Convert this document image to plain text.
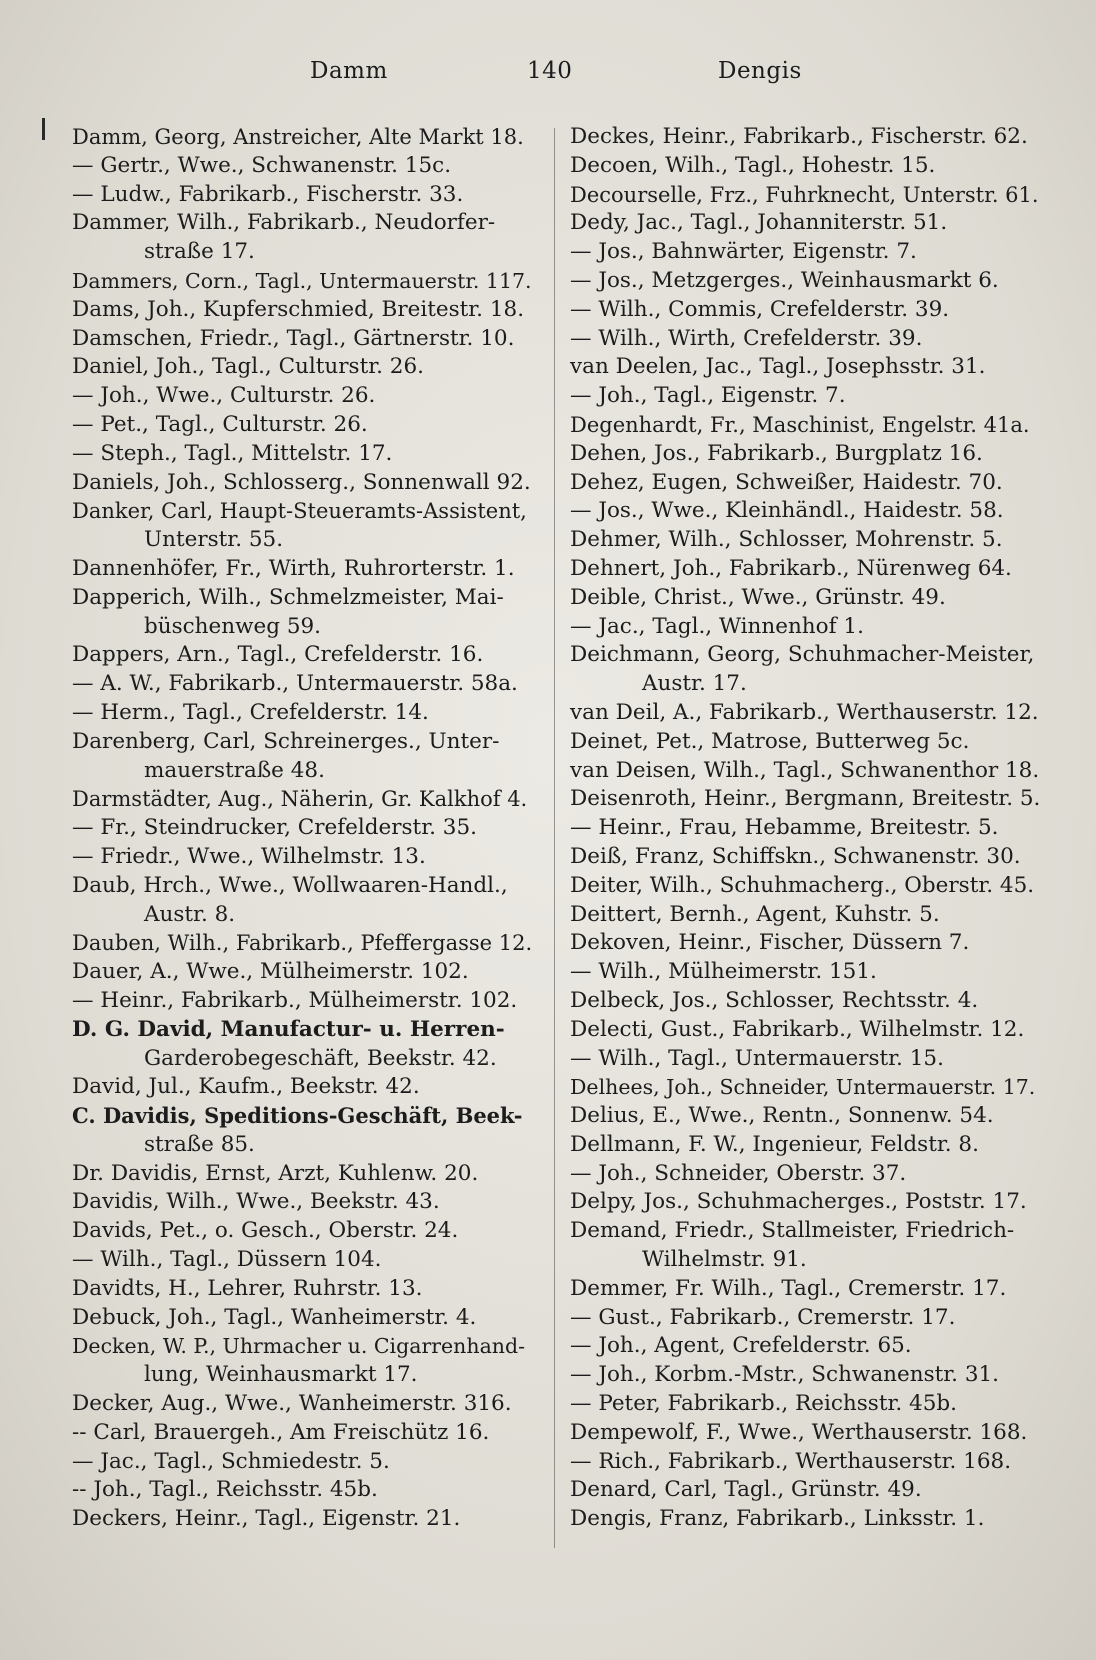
Damm	140	Dengis
Damm, Georg, Anstreicher, Alte Markt 18.
— Gertr., Wwe., Schwanenstr. 15c.
— Ludw., Fabrikarb., Fischerstr. 33.
Dammer, Wilh., Fabrikarb., Neudorfer-
straße 17.
Dammers, Corn., Tagl., Untermauerstr. 117.
Dams, Joh., Kupferschmied, Breitestr. 18.
Damschen, Friedr., Tagl., Gärtnerstr. 10.
Daniel, Joh., Tagl., Culturstr. 26.
— Joh., Wwe., Culturstr. 26.
— Pet., Tagl., Culturstr. 26.
— Steph., Tagl., Mittelstr. 17.
Daniels, Joh., Schlosserg., Sonnenwall 92.
Danker, Carl, Haupt-Steueramts-Assistent,
Unterstr. 55.
Dannenhöfer, Fr., Wirth, Ruhrorterstr. 1.
Dapperich, Wilh., Schmelzmeister, Mai-
büschenweg 59.
Dappers, Arn., Tagl., Crefelderstr. 16.
— A. W., Fabrikarb., Untermauerstr. 58a.
— Herm., Tagl., Crefelderstr. 14.
Darenberg, Carl, Schreinerges., Unter-
mauerstraße 48.
Darmstädter, Aug., Näherin, Gr. Kalkhof 4.
— Fr., Steindrucker, Crefelderstr. 35.
— Friedr., Wwe., Wilhelmstr. 13.
Daub, Hrch., Wwe., Wollwaaren-Handl.,
Austr. 8.
Dauben, Wilh., Fabrikarb., Pfeffergasse 12.
Dauer, A., Wwe., Mülheimerstr. 102.
— Heinr., Fabrikarb., Mülheimerstr. 102.
D. G. David, Manufactur- u. Herren-
Garderobegeschäft, Beekstr. 42.
David, Jul., Kaufm., Beekstr. 42.
C. Davidis, Speditions-Geschäft, Beek-
straße 85.
Dr. Davidis, Ernst, Arzt, Kuhlenw. 20.
Davidis, Wilh., Wwe., Beekstr. 43.
Davids, Pet., o. Gesch., Oberstr. 24.
— Wilh., Tagl., Düssern 104.
Davidts, H., Lehrer, Ruhrstr. 13.
Debuck, Joh., Tagl., Wanheimerstr. 4.
Decken, W. P., Uhrmacher u. Cigarrenhand-
lung, Weinhausmarkt 17.
Decker, Aug., Wwe., Wanheimerstr. 316.
-- Carl, Brauergeh., Am Freischütz 16.
— Jac., Tagl., Schmiedestr. 5.
-- Joh., Tagl., Reichsstr. 45b.
Deckers, Heinr., Tagl., Eigenstr. 21.
Deckes, Heinr., Fabrikarb., Fischerstr. 62.
Decoen, Wilh., Tagl., Hohestr. 15.
Decourselle, Frz., Fuhrknecht, Unterstr. 61.
Dedy, Jac., Tagl., Johanniterstr. 51.
— Jos., Bahnwärter, Eigenstr. 7.
— Jos., Metzgerges., Weinhausmarkt 6.
— Wilh., Commis, Crefelderstr. 39.
— Wilh., Wirth, Crefelderstr. 39.
van Deelen, Jac., Tagl., Josephsstr. 31.
— Joh., Tagl., Eigenstr. 7.
Degenhardt, Fr., Maschinist, Engelstr. 41a.
Dehen, Jos., Fabrikarb., Burgplatz 16.
Dehez, Eugen, Schweißer, Haidestr. 70.
— Jos., Wwe., Kleinhändl., Haidestr. 58.
Dehmer, Wilh., Schlosser, Mohrenstr. 5.
Dehnert, Joh., Fabrikarb., Nürenweg 64.
Deible, Christ., Wwe., Grünstr. 49.
— Jac., Tagl., Winnenhof 1.
Deichmann, Georg, Schuhmacher-Meister,
Austr. 17.
van Deil, A., Fabrikarb., Werthauserstr. 12.
Deinet, Pet., Matrose, Butterweg 5c.
van Deisen, Wilh., Tagl., Schwanenthor 18.
Deisenroth, Heinr., Bergmann, Breitestr. 5.
— Heinr., Frau, Hebamme, Breitestr. 5.
Deiß, Franz, Schiffskn., Schwanenstr. 30.
Deiter, Wilh., Schuhmacherg., Oberstr. 45.
Deittert, Bernh., Agent, Kuhstr. 5.
Dekoven, Heinr., Fischer, Düssern 7.
— Wilh., Mülheimerstr. 151.
Delbeck, Jos., Schlosser, Rechtsstr. 4.
Delecti, Gust., Fabrikarb., Wilhelmstr. 12.
— Wilh., Tagl., Untermauerstr. 15.
Delhees, Joh., Schneider, Untermauerstr. 17.
Delius, E., Wwe., Rentn., Sonnenw. 54.
Dellmann, F. W., Ingenieur, Feldstr. 8.
— Joh., Schneider, Oberstr. 37.
Delpy, Jos., Schuhmacherges., Poststr. 17.
Demand, Friedr., Stallmeister, Friedrich-
Wilhelmstr. 91.
Demmer, Fr. Wilh., Tagl., Cremerstr. 17.
— Gust., Fabrikarb., Cremerstr. 17.
— Joh., Agent, Crefelderstr. 65.
— Joh., Korbm.-Mstr., Schwanenstr. 31.
— Peter, Fabrikarb., Reichsstr. 45b.
Dempewolf, F., Wwe., Werthauserstr. 168.
— Rich., Fabrikarb., Werthauserstr. 168.
Denard, Carl, Tagl., Grünstr. 49.
Dengis, Franz, Fabrikarb., Linksstr. 1.
